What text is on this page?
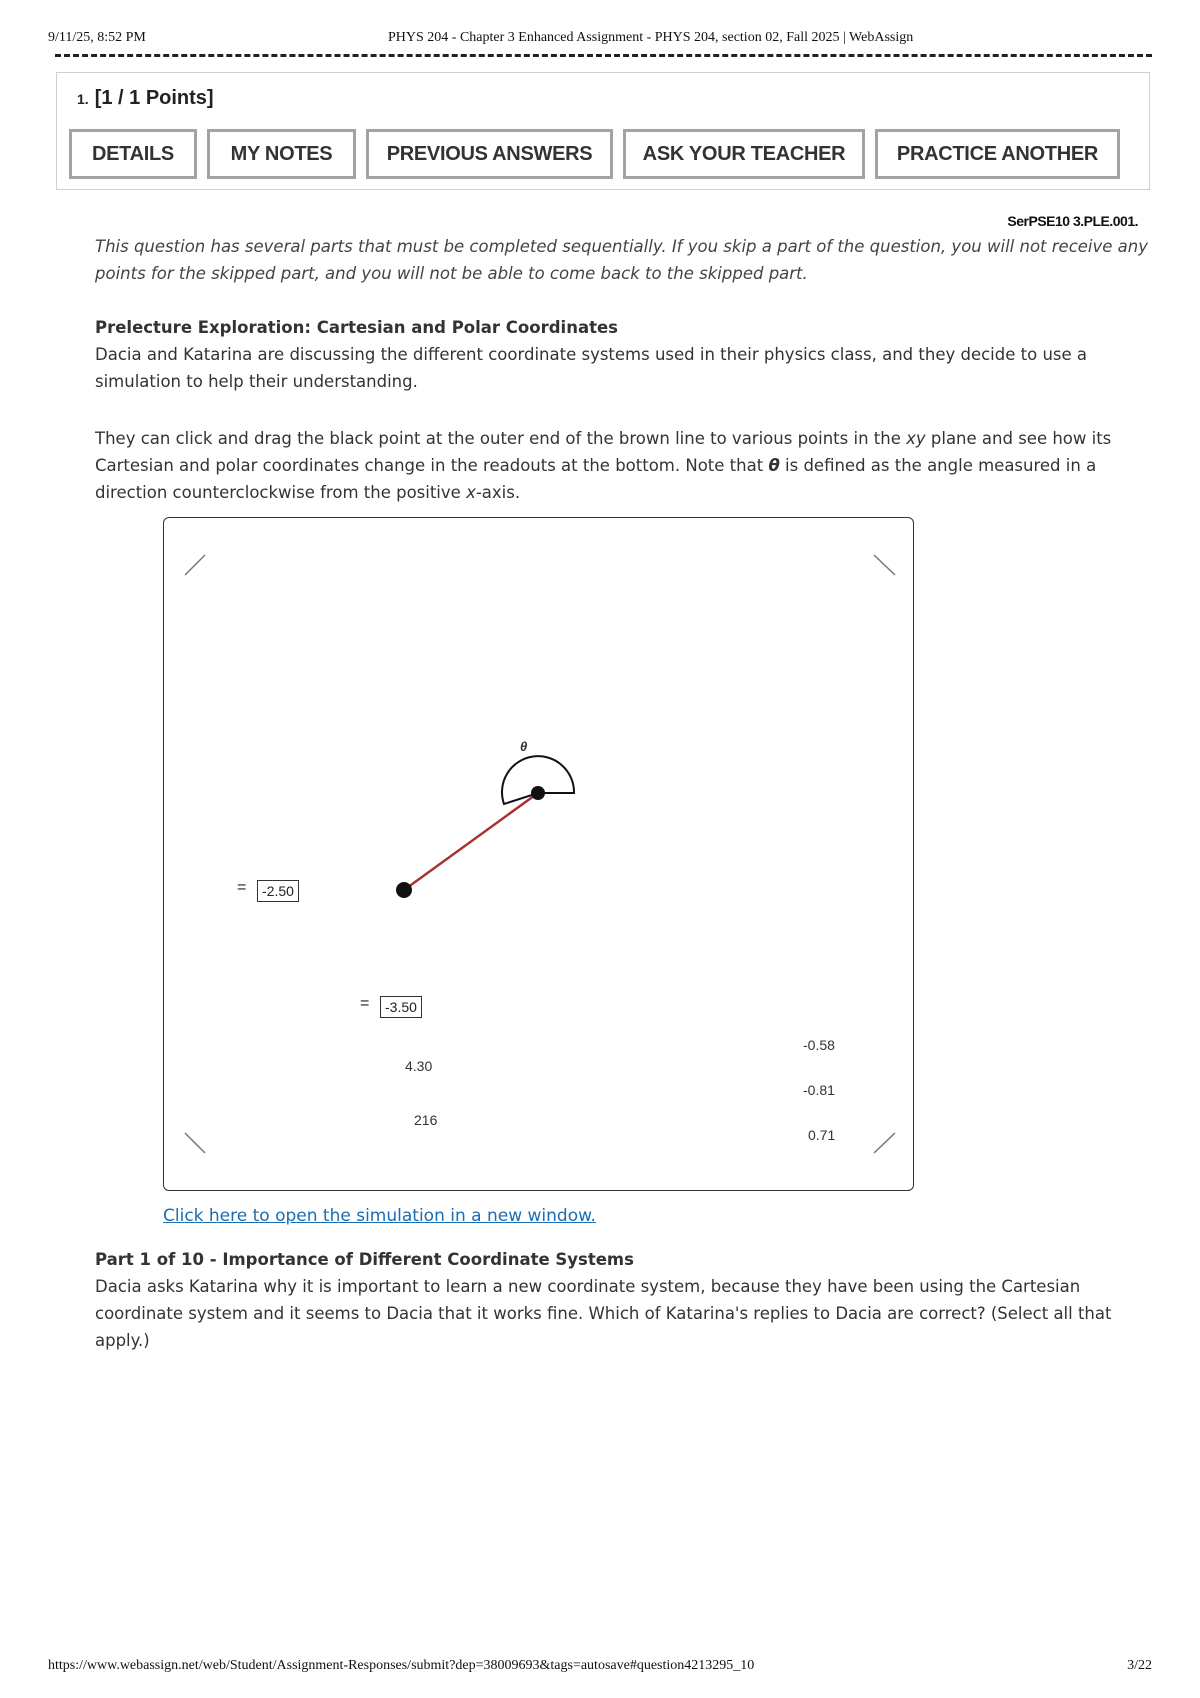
9/11/25, 8:52 PM	PHYS 204 - Chapter 3 Enhanced Assignment - PHYS 204, section 02, Fall 2025 | WebAssign
1. [1 / 1 Points]
DETAILS	MY NOTES	PREVIOUS ANSWERS	ASK YOUR TEACHER	PRACTICE ANOTHER
SerPSE10 3.PLE.001.
This question has several parts that must be completed sequentially. If you skip a part of the question, you will not receive any points for the skipped part, and you will not be able to come back to the skipped part.
Prelecture Exploration: Cartesian and Polar Coordinates
Dacia and Katarina are discussing the different coordinate systems used in their physics class, and they decide to use a simulation to help their understanding.
They can click and drag the black point at the outer end of the brown line to various points in the xy plane and see how its Cartesian and polar coordinates change in the readouts at the bottom. Note that θ is defined as the angle measured in a direction counterclockwise from the positive x-axis.
θ
=	-2.50
=	-3.50
4.30
216
-0.58
-0.81
0.71
Click here to open the simulation in a new window.
Part 1 of 10 - Importance of Different Coordinate Systems
Dacia asks Katarina why it is important to learn a new coordinate system, because they have been using the Cartesian coordinate system and it seems to Dacia that it works fine. Which of Katarina's replies to Dacia are correct? (Select all that apply.)
https://www.webassign.net/web/Student/Assignment-Responses/submit?dep=38009693&tags=autosave#question4213295_10	3/22
